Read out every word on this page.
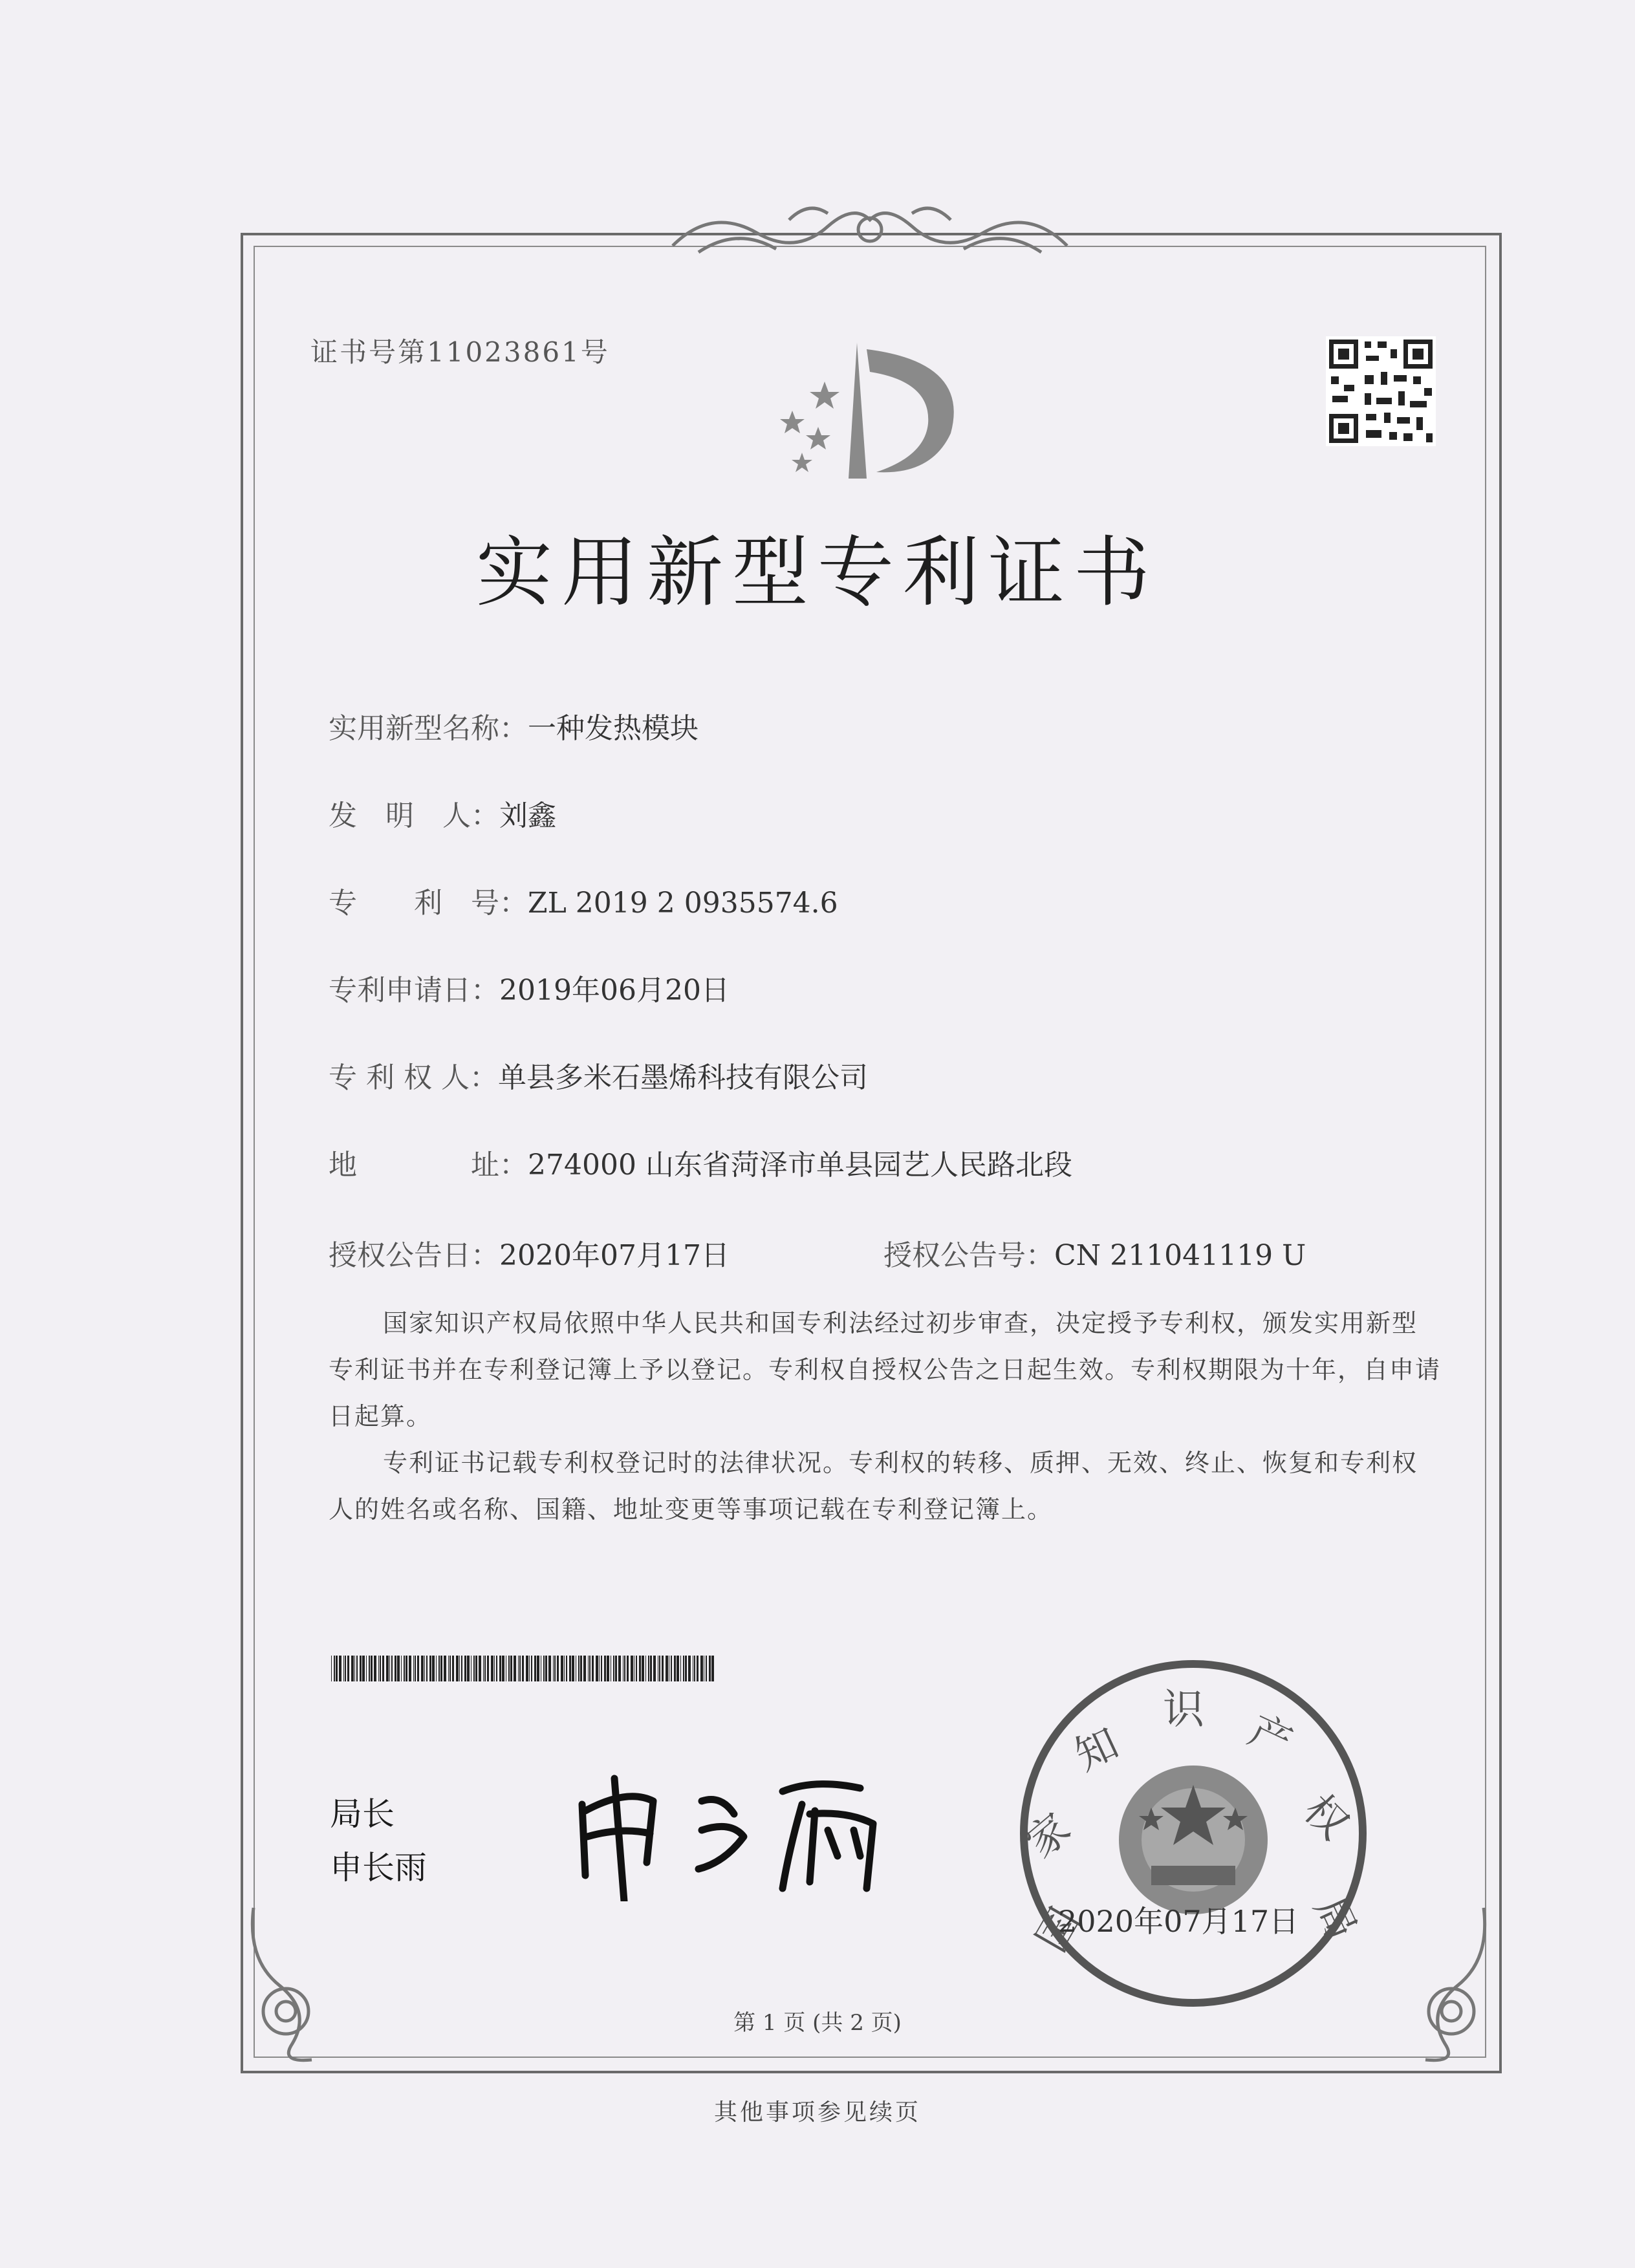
证书号第11023861号
实用新型专利证书
实用新型名称：一种发热模块
发　明　人：刘鑫
专　　利　号：ZL 2019 2 0935574.6
专利申请日：2019年06月20日
专 利 权 人：单县多米石墨烯科技有限公司
地　　　　址：274000 山东省菏泽市单县园艺人民路北段
授权公告日：2020年07月17日	授权公告号：CN 211041119 U

国家知识产权局依照中华人民共和国专利法经过初步审查，决定授予专利权，颁发实用新型专利证书并在专利登记簿上予以登记。专利权自授权公告之日起生效。专利权期限为十年，自申请日起算。

专利证书记载专利权登记时的法律状况。专利权的转移、质押、无效、终止、恢复和专利权人的姓名或名称、国籍、地址变更等事项记载在专利登记簿上。

局长
申长雨
国
家
知
识 产
权
局
2020年07月17日
第 1 页 (共 2 页)
其他事项参见续页
